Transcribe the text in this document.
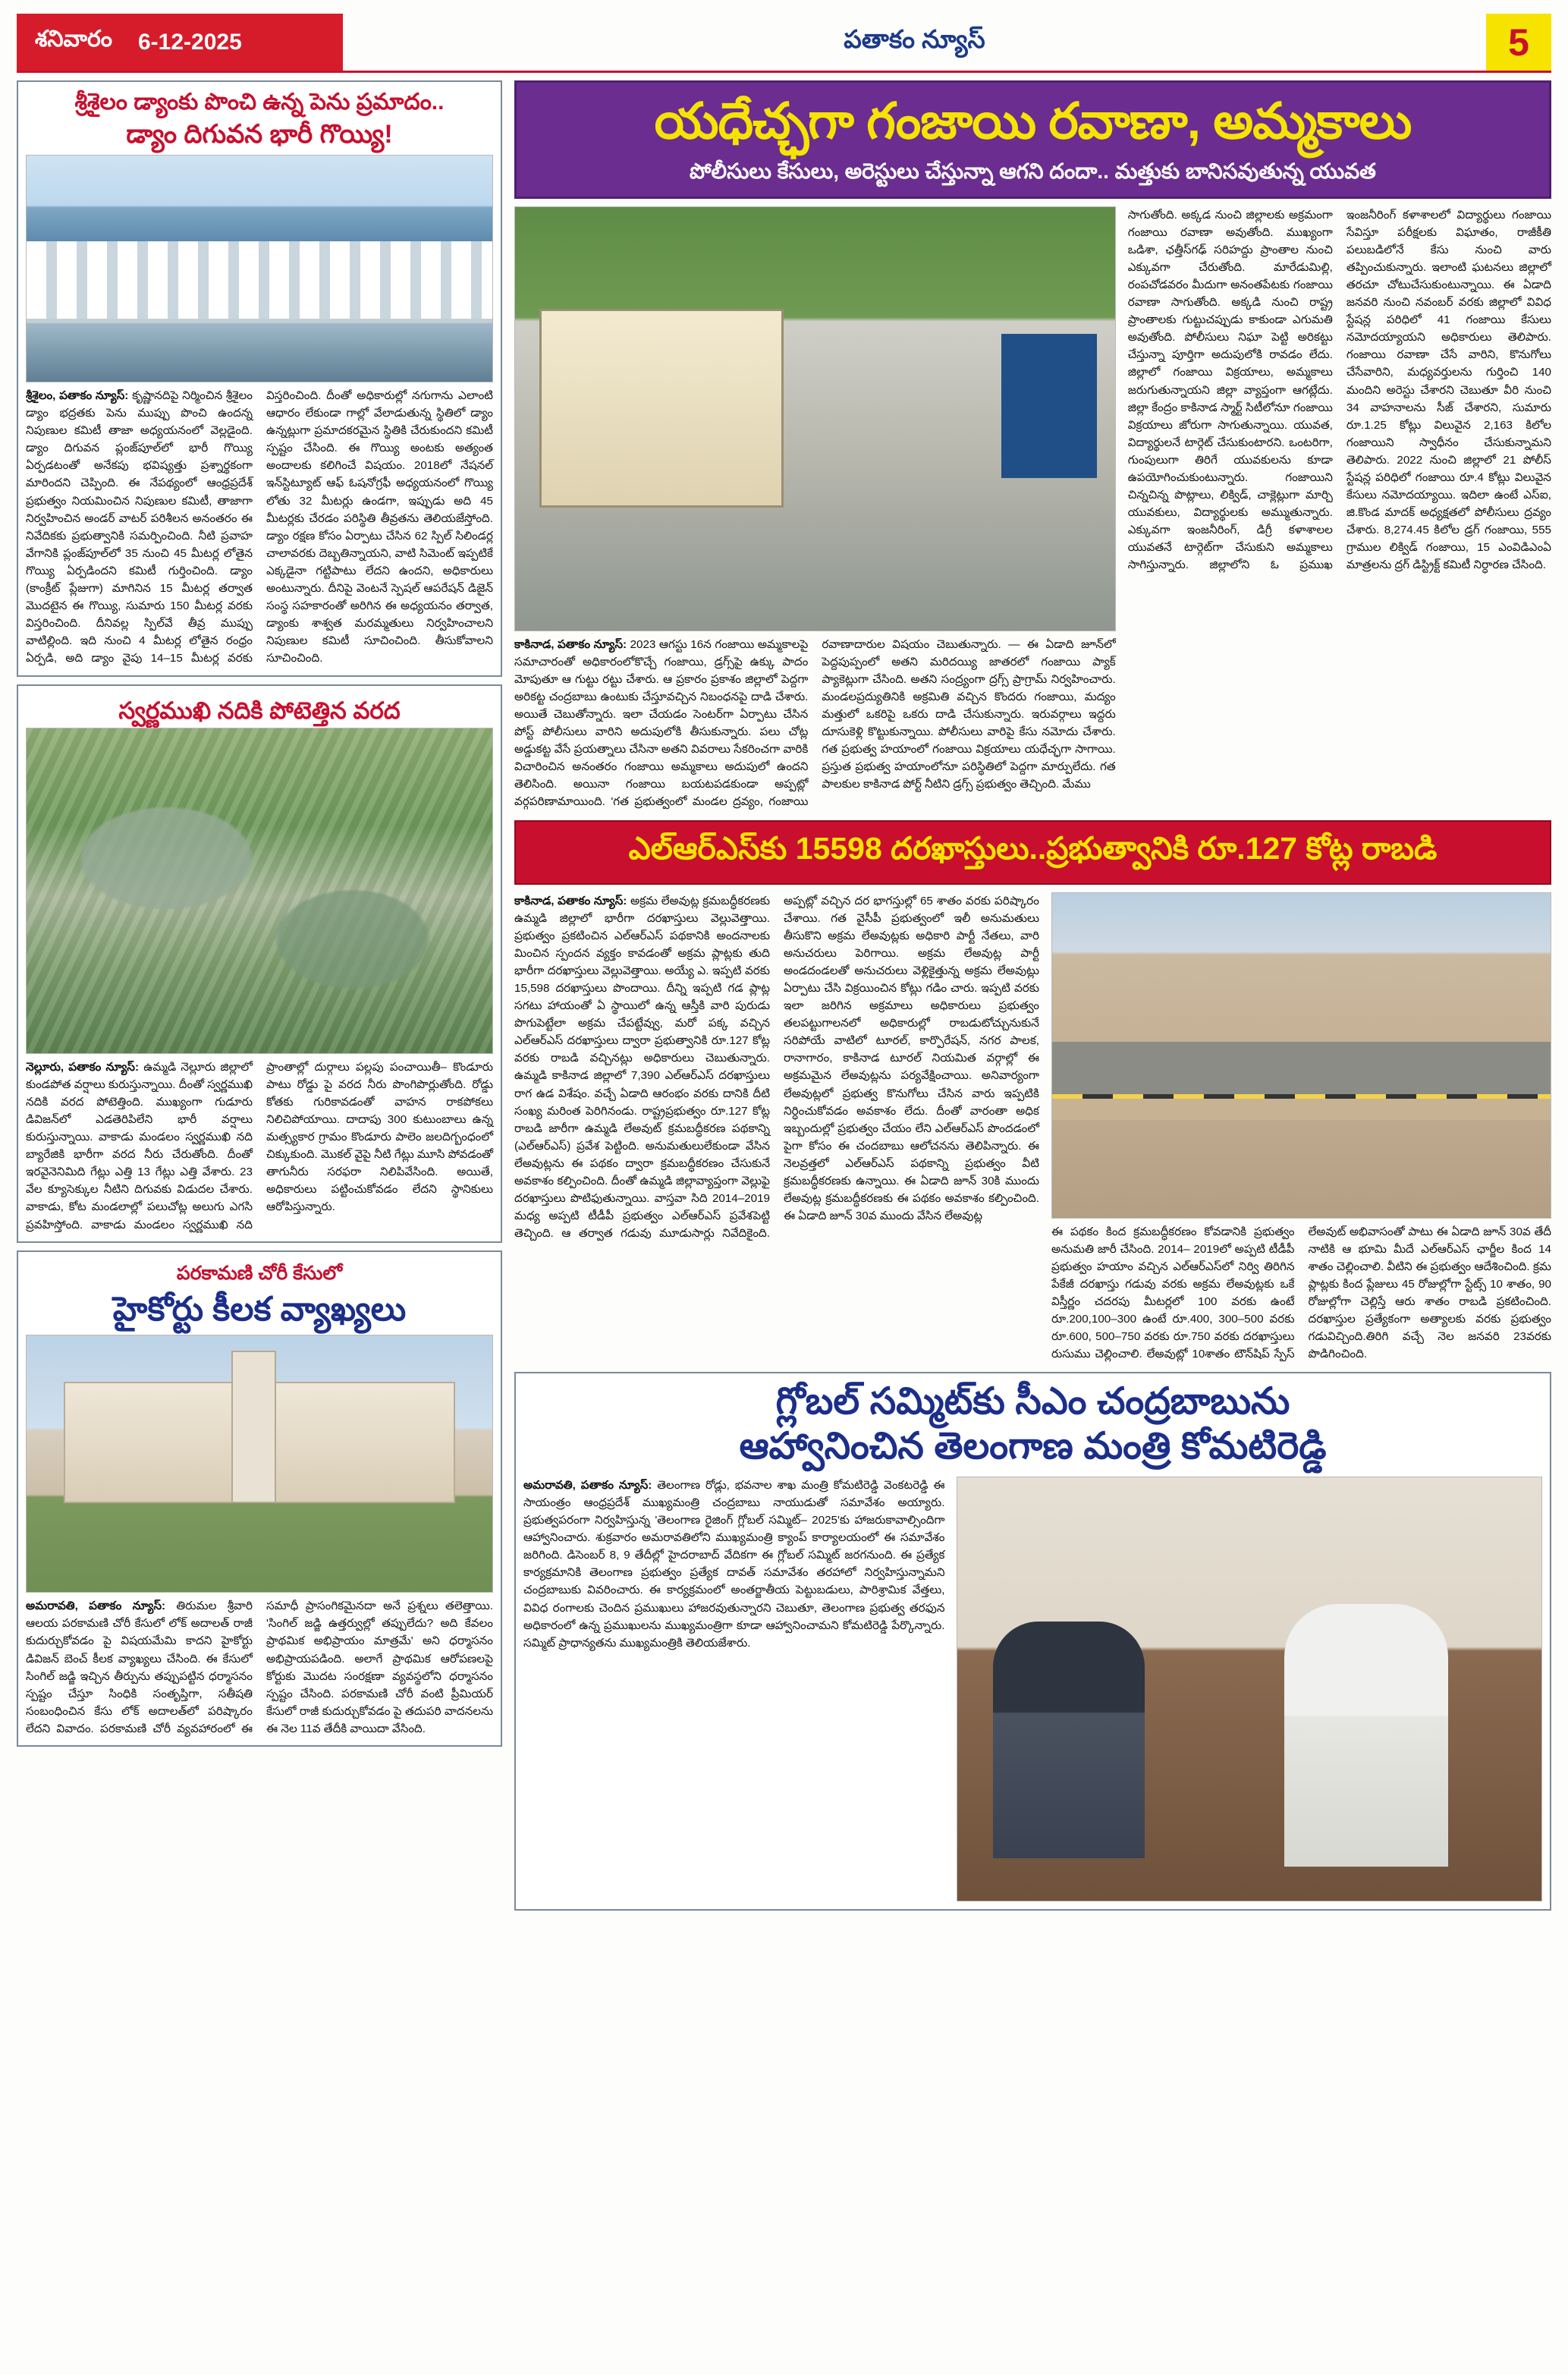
శనివారం 6-12-2025	పతాకం న్యూస్	5
శ్రీశైలం డ్యాంకు పొంచి ఉన్న పెను ప్రమాదం..
డ్యాం దిగువన భారీ గొయ్యి!
శ్రీశైలం, పతాకం న్యూస్: కృష్ణానదిపై నిర్మించిన శ్రీశైలం డ్యాం భద్రతకు పెను ముప్పు పొంచి ఉందన్న నిపుణుల కమిటీ తాజా అధ్యయనంలో వెల్లడైంది. డ్యాం దిగువన ప్లంజ్‌పూల్‌లో భారీ గొయ్యి ఏర్పడటంతో అనేకపు భవిష్యత్తు ప్రశ్నార్థకంగా మారిందని చెప్పింది. ఈ నేపథ్యంలో ఆంధ్రప్రదేశ్‌ ప్రభుత్వం నియమించిన నిపుణుల కమిటీ, తాజాగా నిర్వహించిన అండర్‌ వాటర్‌ పరిశీలన అనంతరం ఈ నివేదికకు ప్రభుత్వానికి సమర్పించింది. నీటి ప్రవాహ వేగానికి ప్లంజ్‌పూల్‌లో 35 నుంచి 45 మీటర్ల లోతైన గొయ్యి ఏర్పడిందని కమిటీ గుర్తించింది. డ్యాం (కాంక్రీట్‌ ప్లేజుగా) మాగినిన 15 మీటర్ల తర్వాత మొదటైన ఈ గొయ్యి, సుమారు 150 మీటర్ల వరకు విస్తరించింది. దీనివల్ల స్పిల్‌వే తీవ్ర ముప్పు వాటిల్లింది. ఇది నుంచి 4 మీటర్ల లోతైన రంధ్రం ఏర్పడి, అది డ్యాం వైపు 14–15 మీటర్ల వరకు విస్తరించింది. దీంతో అధికారుల్లో నగుగాను ఎలాంటి ఆధారం లేకుండా గాల్లో వేలాడుతున్న స్థితిలో డ్యాం ఉన్నట్లుగా ప్రమాదకరమైన స్థితికి చేరుకుందని కమిటీ స్పష్టం చేసింది. ఈ గొయ్యి అంటకు అత్యంత అందాలకు కలిగించే విషయం. 2018లో నేషనల్‌ ఇన్‌స్టిట్యూట్‌ ఆఫ్‌ ఓషనోగ్రఫీ అధ్యయనంలో గొయ్యి లోతు 32 మీటర్లు ఉండగా, ఇప్పుడు అది 45 మీటర్లకు చేరడం పరిస్థితి తీవ్రతను తెలియజేస్తోంది. డ్యాం రక్షణ కోసం ఏర్పాటు చేసిన 62 స్పిల్‌ సిలిండర్ల చాలావరకు దెబ్బతిన్నాయని, వాటి సిమెంట్‌ ఇప్పటికే ఎక్కడైనా గట్టిపాటు లేదని ఉందని, అధికారులు అంటున్నారు. దీనిపై వెంటనే స్పెషల్‌ ఆపరేషన్‌ డిజైన్‌ సంస్థ సహకారంతో అరిగిన ఈ అధ్యయనం తర్వాత, డ్యాంకు శాశ్వత మరమ్మతులు నిర్వహించాలని నిపుణుల కమిటీ సూచించింది. తీసుకోవాలని సూచించింది.
స్వర్ణముఖి నదికి పోటెత్తిన వరద
నెల్లూరు, పతాకం న్యూస్: ఉమ్మడి నెల్లూరు జిల్లాలో కుండపోత వర్షాలు కురుస్తున్నాయి. దీంతో స్వర్ణముఖి నదికి వరద పోటెత్తింది. ముఖ్యంగా గుడూరు డివిజన్‌లో ఎడతెరిపిలేని భారీ వర్షాలు కురుస్తున్నాయి. వాకాడు మండలం స్వర్ణముఖి నది బ్యారేజికి భారీగా వరద నీరు చేరుతోంది. దీంతో ఇరవైనెనిమిది గేట్లు ఎత్తి 13 గేట్లు ఎత్తి వేశారు. 23 వేల క్యూసెక్కుల నీటిని దిగువకు విడుదల చేశారు. వాకాడు, కోట మండలాల్లో పలుచోట్ల అలుగు ఎగసి ప్రవహిస్తోంది. వాకాడు మండలం స్వర్ణముఖి నది ప్రాంతాల్లో దుర్గాలు పల్లపు పంచాయితీ– కొండూరు పాటు రోడ్డు పై వరద నీరు పొంగిపొర్లుతోంది. రోడ్డు కోతకు గురికావడంతో వాహన రాకపోకలు నిలిచిపోయాయి. దాదాపు 300 కుటుంబాలు ఉన్న మత్స్యకార గ్రామం కొండూరు పాలెం జలదిగ్బంధంలో చిక్కుకుంది. మొకల్‌ వైపై నీటి గేట్లు మూసి పోవడంతో తాగునీరు సరఫరా నిలిపివేసింది. అయితే, అధికారులు పట్టించుకోవడం లేదని స్థానికులు ఆరోపిస్తున్నారు.
పరకామణి చోరీ కేసులో
హైకోర్టు కీలక వ్యాఖ్యలు
అమరావతి, పతాకం న్యూస్: తిరుమల శ్రీవారి ఆలయ పరకామణి చోరీ కేసులో లోక్‌ అదాలత్‌ రాజీ కుదుర్చుకోవడం పై విషయమేమి కాదని హైకోర్టు డివిజన్‌ బెంచ్‌ కీలక వ్యాఖ్యలు చేసింది. ఈ కేసులో సింగిల్‌ జడ్జి ఇచ్చిన తీర్పును తప్పుపట్టిన ధర్మాసనం స్పష్టం చేస్తూ సింధికి సంతృప్తిగా, సతీషతి సంబంధించిన కేసు లోక్‌ అదాలత్‌లో పరిష్కారం లేదని వివాదం. పరకామణి చోరీ వ్యవహారంలో ఈ సమాధీ ప్రాసంగికమైనదా అనే ప్రశ్నలు తలెత్తాయి. 'సింగిల్‌ జడ్జి ఉత్తర్వుల్లో తప్పులేదు? అది కేవలం ప్రాథమిక అభిప్రాయం మాత్రమే' అని ధర్మాసనం అభిప్రాయపడింది. అలాగే ప్రాథమిక ఆరోపణలపై కోర్టుకు మొదట సంరక్షణా వ్యవస్థలోని ధర్మాసనం స్పష్టం చేసింది. పరకామణి చోరీ వంటి ప్రీమియర్‌ కేసులో రాజీ కుదుర్చుకోవడం పై తదుపరి వాదనలను ఈ నెల 11వ తేదీకి వాయిదా వేసింది.
యధేచ్ఛగా గంజాయి రవాణా, అమ్మకాలు
పోలీసులు కేసులు, అరెస్టులు చేస్తున్నా ఆగని దందా.. మత్తుకు బానిసవుతున్న యువత
కాకినాడ, పతాకం న్యూస్: 2023 ఆగస్టు 16న గంజాయి అమ్మకాలపై సమాచారంతో అధికారంలోకొచ్చే గంజాయి, డ్రగ్స్‌పై ఉక్కు పాదం మోపుతూ ఆ గుట్టు రట్టు చేశారు. ఆ ప్రకారం ప్రకాశం జిల్లాలో పెద్దగా అరికట్ట చంద్రబాబు ఉంటుకు చేస్తూవచ్చిన నిబంధనపై దాడి చేశారు. అయితే చెబుతోన్నారు. ఇలా చేయడం సెంటర్‌గా ఏర్పాటు చేసిన పోస్ట్‌ పోలీసులు వారిని అదుపులోకి తీసుకున్నారు. పలు చోట్ల అడ్డుకట్ట వేసే ప్రయత్నాలు చేసినా అతని వివరాలు సేకరించగా వారికి విచారించిన అనంతరం గంజాయి అమ్మకాలు అదుపులో ఉందని తెలిసింది. అయినా గంజాయి బయటపడకుండా అప్పట్లో వర్గపరిణామాయింది. 'గత ప్రభుత్వంలో మండల ద్రవ్యం, గంజాయి రవాణాదారుల విషయం చెబుతున్నారు. — ఈ ఏడాది జూన్‌లో పెద్దపుప్పంలో అతని మరిదయ్యి జాతరలో గంజాయి ప్యాక్‌ ప్యాకెట్లుగా చేసింది. అతని సంద్ర్యంగా ద్రగ్స్‌ ప్రాగ్రామ్‌ నిర్వహించారు. మండలప్రద్యుతినికి అక్రమితి వచ్చిన కొందరు గంజాయి, మద్యం మత్తులో ఒకరిపై ఒకరు దాడి చేసుకున్నారు. ఇరువర్గాలు ఇద్దరు దూసుకెళ్లి కొట్టుకున్నాయి. పోలీసులు వారిపై కేసు నమోదు చేశారు. గత ప్రభుత్వ హయాంలో గంజాయి విక్రయాలు యధేచ్ఛగా సాగాయి. ప్రస్తుత ప్రభుత్వ హయాంలోనూ పరిస్థితిలో పెద్దగా మార్పులేదు. గత పాలకుల కాకినాడ పోర్ట్‌ నీటిని డ్రగ్స్‌ ప్రభుత్వం తెచ్చింది. మేము
సాగుతోంది. అక్కడ నుంచి జిల్లాలకు అక్రమంగా గంజాయి రవాణా అవుతోంది. ముఖ్యంగా ఒడిశా, ఛత్తీస్‌గఢ్‌ సరిహద్దు ప్రాంతాల నుంచి ఎక్కువగా చేరుతోంది. మారేడుమిల్లి, రంపచోడవరం మీదుగా అనంతపేటకు గంజాయి రవాణా సాగుతోంది. అక్కడి నుంచి రాష్ట్ర ప్రాంతాలకు గుట్టుచప్పుడు కాకుండా ఎగుమతి అవుతోంది. పోలీసులు నిఘా పెట్టి అరికట్టు చేస్తున్నా పూర్తిగా అదుపులోకి రావడం లేదు. జిల్లాలో గంజాయి విక్రయాలు, అమ్మకాలు జరుగుతున్నాయని జిల్లా వ్యాప్తంగా ఆగట్లేదు. జిల్లా కేంద్రం కాకినాడ స్మార్ట్‌ సిటీలోనూ గంజాయి విక్రయాలు జోరుగా సాగుతున్నాయి. యువత, విద్యార్థులనే టార్గెట్‌ చేసుకుంటారని. ఒంటరిగా, గుంపులుగా తిరిగే యువకులను కూడా ఉపయోగించుకుంటున్నారు. గంజాయిని చిన్నచిన్న పొట్లాలు, లిక్విడ్‌, చాక్లెట్లుగా మార్చి యువకులు, విద్యార్థులకు అమ్ముతున్నారు. ఎక్కువగా ఇంజనీరింగ్‌, డిగ్రీ కళాశాలల యువతనే టార్గెట్‌గా చేసుకుని అమ్మకాలు సాగిస్తున్నారు. జిల్లాలోని ఓ ప్రముఖ ఇంజనీరింగ్‌ కళాశాలలో విద్యార్థులు గంజాయి సేవిస్తూ పరీక్షలకు విఘాతం, రాజీకీతి పలుబడిలోనే కేసు నుంచి వారు తప్పించుకున్నారు. ఇలాంటి ఘటనలు జిల్లాలో తరచూ చోటుచేసుకుంటున్నాయి. ఈ ఏడాది జనవరి నుంచి నవంబర్‌ వరకు జిల్లాలో వివిధ స్టేషన్ల పరిధిలో 41 గంజాయి కేసులు నమోదయ్యాయని అధికారులు తెలిపారు. గంజాయి రవాణా చేసే వారిని, కొనుగోలు చేసేవారిని, మధ్యవర్తులను గుర్తించి 140 మందిని అరెస్టు చేశారని చెబుతూ వీరి నుంచి 34 వాహనాలను సీజ్‌ చేశారని, సుమారు రూ.1.25 కోట్లు విలువైన 2,163 కిలోల గంజాయిని స్వాధీనం చేసుకున్నామని తెలిపారు. 2022 నుంచి జిల్లాలో 21 పోలీస్‌ స్టేషన్ల పరిధిలో గంజాయి రూ.4 కోట్లు విలువైన కేసులు నమోదయ్యాయి. ఇదిలా ఉంటే ఎస్‌ఐ, జి.కొండ మాదక్‌ అధ్యక్షతలో పోలీసులు ద్రవ్యం చేశారు. 8,274.45 కిలోల డ్రగ్‌ గంజాయి, 555 గ్రాముల లిక్విడ్‌ గంజాయి, 15 ఎంవిడిఎంఏ మాత్రలను ద్రగ్‌ డిస్ట్రిక్ట్‌ కమిటీ నిర్ధారణ చేసింది.
ఎల్‌ఆర్‌ఎస్‌కు 15598 దరఖాస్తులు..ప్రభుత్వానికి రూ.127 కోట్ల రాబడి
కాకినాడ, పతాకం న్యూస్: అక్రమ లేఅవుట్ల క్రమబద్ధీకరణకు ఉమ్మడి జిల్లాలో భారీగా దరఖాస్తులు వెల్లువెత్తాయి. ప్రభుత్వం ప్రకటించిన ఎల్‌ఆర్‌ఎస్‌ పథకానికి అందనాలకు మించిన స్పందన వ్యక్తం కావడంతో అక్రమ ప్లాట్లకు తుది భారీగా దరఖాస్తులు వెల్లువెత్తాయి. అయ్యే ఎ. ఇప్పటి వరకు 15,598 దరఖాస్తులు పొందాయి. దీన్ని ఇప్పటి గడ ప్లాట్ల సగటు హాయంతో ఏ స్థాయిలో ఉన్న ఆస్తీకి వారి పురుడు పొగుపెట్టేలా అక్రమ చేపట్టేవ్వు, మరో పక్క వచ్చిన ఎల్‌ఆర్‌ఎస్‌ దరఖాస్తులు ద్వారా ప్రభుత్వానికి రూ.127 కోట్ల వరకు రాబడి వచ్చినట్లు అధికారులు చెబుతున్నారు. ఉమ్మడి కాకినాడ జిల్లాలో 7,390 ఎల్‌ఆర్‌ఎస్‌ దరఖాస్తులు రాగ ఉడ విశేషం. వచ్చే ఏడాది ఆరంభం వరకు దానికి దీటి సంఖ్య మరింత పెరిగినండు. రాష్ట్రప్రభుత్వం రూ.127 కోట్ల రాబడి జారీగా ఉమ్మడి లేఅవుట్‌ క్రమబద్ధీకరణ పథకాన్ని (ఎల్‌ఆర్‌ఎస్‌) ప్రవేశ పెట్టింది. అనుమతులులేకుండా వేసిన లేఅవుట్లను ఈ పథకం ద్వారా క్రమబద్ధీకరణం చేసుకునే అవకాశం కల్పించింది. దీంతో ఉమ్మడి జిల్లావ్యాప్తంగా వెల్లుఫై దరఖాస్తులు పొటిఫుతున్నాయి. వాస్తవా సిది 2014–2019 మధ్య అప్పటి టీడీపీ ప్రభుత్వం ఎల్‌ఆర్‌ఎస్‌ ప్రవేశపెట్టి తెచ్చింది. ఆ తర్వాత గడువు మూడుసార్లు నివేదికైంది. అప్పట్లో వచ్చిన దర భాగస్తుల్లో 65 శాతం వరకు పరిష్కారం చేశాయి. గత వైసీపీ ప్రభుత్వంలో ఇలీ అనుమతులు తీసుకొని అక్రమ లేఅవుట్లకు అధికారి పార్టీ నేతలు, వారి అనుచరులు పెరిగాయి. అక్రమ లేఅవుట్ల పార్టీ అండదండలతో అనుచరులు వెళ్లికైత్తున్న అక్రమ లేఅవుట్లు ఏర్పాటు చేసి విక్రయించిన కోట్లు గడిం చారు. ఇప్పటి వరకు ఇలా జరిగిన అక్రమాలు అధికారులు ప్రభుత్వం తలపట్టుగాలనలో అధికారుల్లో రాబడుటోచ్చునుకునే సరిపోయే వాటిలో టూరల్‌, కార్పొరేషన్‌, నగర పాలక, రానాగారం, కాకినాడ టూరల్‌ నియమిత వర్గాల్లో ఈ అక్రమమైన లేఅవుట్లను పర్యవేక్షించాయి. అనివార్యంగా లేఅవుట్లలో ప్రభుత్వ కొనుగోలు చేసిన వారు ఇప్పటికి నిర్ధించుకోవడం అవకాశం లేదు. దీంతో వారంతా అధిక ఇబ్బందుల్లో ప్రభుత్వం చేయం లేని ఎల్‌ఆర్‌ఎస్‌ పొందడంలో పైగా కోసం ఈ చందబాబు ఆలోచనను తెలిపిన్నారు. ఈ నెలవ్రత్తలో ఎల్‌ఆర్‌ఎస్‌ పథకాన్ని ప్రభుత్వం వీటి క్రమబద్ధీకరణకు ఉన్నాయి. ఈ ఏడాది జూన్‌ 30కి ముందు లేఅవుట్ల క్రమబద్ధీకరణకు ఈ పథకం అవకాశం కల్పించింది. ఈ ఏడాది జూన్‌ 30వ ముందు వేసిన లేఅవుట్ల
ఈ పథకం కింద క్రమబద్ధీకరణం కోవడానికి ప్రభుత్వం అనుమతి జారీ చేసింది. 2014– 2019లో అప్పటి టీడీపీ ప్రభుత్వం హయాం వచ్చిన ఎల్‌ఆర్‌ఎస్‌లో నిర్వి తిరిగిన పేకేజీ దరఖాస్తు గడువు వరకు అక్రమ లేఅవుట్లకు ఒకే విస్తీర్ణం చదరపు మీటర్లలో 100 వరకు ఉంటే రూ.200,100–300 ఉంటే రూ.400, 300–500 వరకు రూ.600, 500–750 వరకు రూ.750 వరకు దరఖాస్తులు రుసుము చెల్లించాలి. లేఅవుట్లో 10శాతం టౌన్‌షిప్‌ స్పేస్‌ లేఅవుట్‌ అభివాసంతో పాటు ఈ ఏడాది జూన్‌ 30వ తేదీ నాటికి ఆ భూమి మీదే ఎల్‌ఆర్‌ఎస్‌ ఛార్జీల కింద 14 శాతం చెల్లించాలి. వీటిని ఈ ప్రభుత్వం ఆదేశించింది. క్రమ ప్లాట్లకు కింద ప్లేజులు 45 రోజుల్లోగా స్టేట్స్‌ 10 శాతం, 90 రోజుల్లోగా చెల్లిస్తే ఆరు శాతం రాబడి ప్రకటించింది. దరఖాస్తుల ప్రత్యేకంగా అత్యాలకు వరకు ప్రభుత్వం గడువిచ్చింది.తిరిగి వచ్చే నెల జనవరి 23వరకు పొడిగించింది.
గ్లోబల్‌ సమ్మిట్‌కు సీఎం చంద్రబాబును
ఆహ్వానించిన తెలంగాణ మంత్రి కోమటిరెడ్డి
అమరావతి, పతాకం న్యూస్: తెలంగాణ రోడ్లు, భవనాల శాఖ మంత్రి కోమటిరెడ్డి వెంకటరెడ్డి ఈ సాయంత్రం ఆంధ్రప్రదేశ్‌ ముఖ్యమంత్రి చంద్రబాబు నాయుడుతో సమావేశం అయ్యారు. ప్రభుత్వపరంగా నిర్వహిస్తున్న 'తెలంగాణ రైజింగ్‌ గ్లోబల్‌ సమ్మిట్‌– 2025'కు హాజరుకావాల్సిందిగా ఆహ్వానించారు. శుక్రవారం అమరావతిలోని ముఖ్యమంత్రి క్యాంప్‌ కార్యాలయంలో ఈ సమావేశం జరిగింది. డిసెంబర్‌ 8, 9 తేదీల్లో హైదరాబాద్‌ వేదికగా ఈ గ్లోబల్‌ సమ్మిట్‌ జరగనుంది. ఈ ప్రత్యేక కార్యక్రమానికి తెలంగాణ ప్రభుత్వం ప్రత్యేక దావత్‌ సమావేశం తరహాలో నిర్వహిస్తున్నామని చంద్రబాబుకు వివరించారు. ఈ కార్యక్రమంలో అంతర్జాతీయ పెట్టుబడులు, పారిశ్రామిక వేత్తలు, వివిధ రంగాలకు చెందిన ప్రముఖులు హాజరవుతున్నారని చెబుతూ, తెలంగాణ ప్రభుత్వ తరఫున అధికారంలో ఉన్న ప్రముఖులను ముఖ్యమంత్రిగా కూడా ఆహ్వానించామని కోమటిరెడ్డి పేర్కొన్నారు. సమ్మిట్‌ ప్రాధాన్యతను ముఖ్యమంత్రికి తెలియజేశారు.
